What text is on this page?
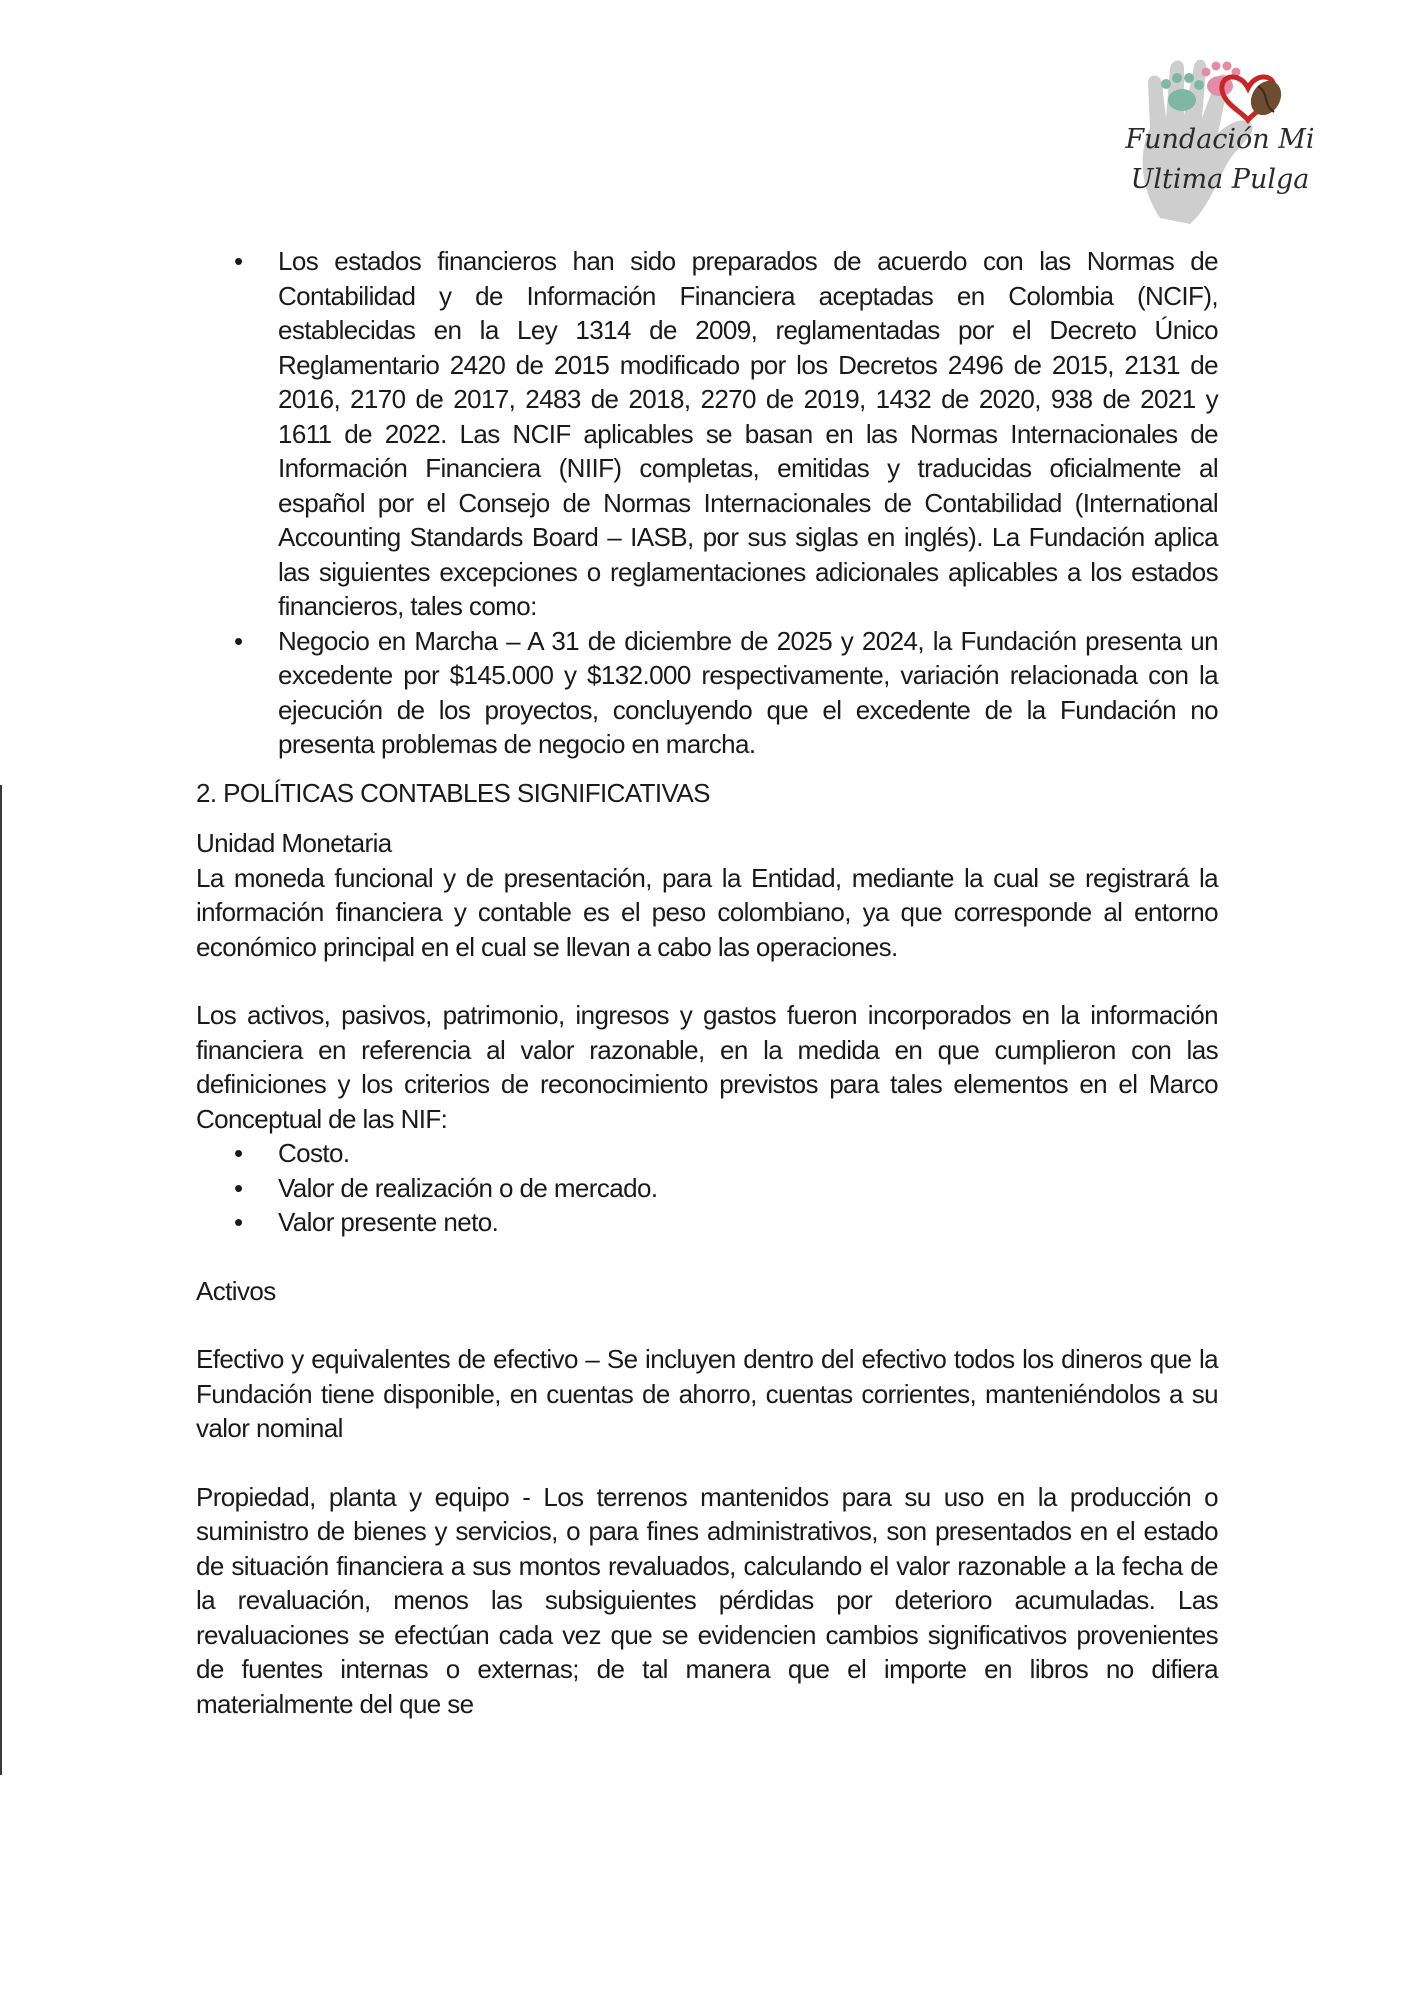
Fundación Mi
Ultima Pulga
• Los estados financieros han sido preparados de acuerdo con las Normas de Contabilidad y de Información Financiera aceptadas en Colombia (NCIF), establecidas en la Ley 1314 de 2009, reglamentadas por el Decreto Único Reglamentario 2420 de 2015 modificado por los Decretos 2496 de 2015, 2131 de 2016, 2170 de 2017, 2483 de 2018, 2270 de 2019, 1432 de 2020, 938 de 2021 y 1611 de 2022. Las NCIF aplicables se basan en las Normas Internacionales de Información Financiera (NIIF) completas, emitidas y traducidas oficialmente al español por el Consejo de Normas Internacionales de Contabilidad (International Accounting Standards Board – IASB, por sus siglas en inglés). La Fundación aplica las siguientes excepciones o reglamentaciones adicionales aplicables a los estados financieros, tales como:
• Negocio en Marcha – A 31 de diciembre de 2025 y 2024, la Fundación presenta un excedente por $145.000 y $132.000 respectivamente, variación relacionada con la ejecución de los proyectos, concluyendo que el excedente de la Fundación no presenta problemas de negocio en marcha.

2. POLÍTICAS CONTABLES SIGNIFICATIVAS

Unidad Monetaria

La moneda funcional y de presentación, para la Entidad, mediante la cual se registrará la información financiera y contable es el peso colombiano, ya que corresponde al entorno económico principal en el cual se llevan a cabo las operaciones.

Los activos, pasivos, patrimonio, ingresos y gastos fueron incorporados en la información financiera en referencia al valor razonable, en la medida en que cumplieron con las definiciones y los criterios de reconocimiento previstos para tales elementos en el Marco Conceptual de las NIF:

• Costo.
• Valor de realización o de mercado.
• Valor presente neto.

Activos

Efectivo y equivalentes de efectivo – Se incluyen dentro del efectivo todos los dineros que la Fundación tiene disponible, en cuentas de ahorro, cuentas corrientes, manteniéndolos a su valor nominal

Propiedad, planta y equipo - Los terrenos mantenidos para su uso en la producción o suministro de bienes y servicios, o para fines administrativos, son presentados en el estado de situación financiera a sus montos revaluados, calculando el valor razonable a la fecha de la revaluación, menos las subsiguientes pérdidas por deterioro acumuladas. Las revaluaciones se efectúan cada vez que se evidencien cambios significativos provenientes de fuentes internas o externas; de tal manera que el importe en libros no difiera materialmente del que se
